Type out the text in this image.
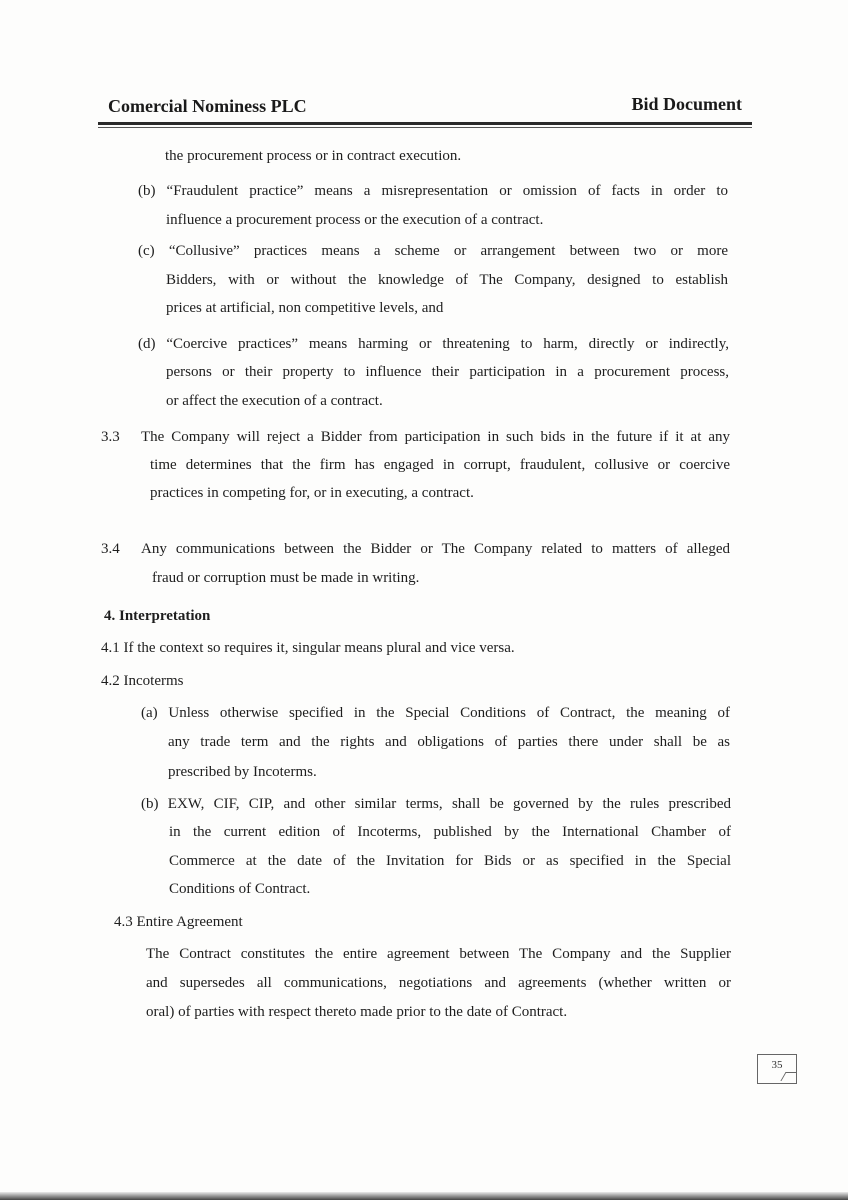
Comercial Nominess PLC	Bid Document
the procurement process or in contract execution.
(b) “Fraudulent practice” means a misrepresentation or omission of facts in order to
influence a procurement process or the execution of a contract.
(c) “Collusive” practices means a scheme or arrangement between two or more
Bidders, with or without the knowledge of The Company, designed to establish
prices at artificial, non competitive levels, and
(d) “Coercive practices” means harming or threatening to harm, directly or indirectly,
persons or their property to influence their participation in a procurement process,
or affect the execution of a contract.
3.3 The Company will reject a Bidder from participation in such bids in the future if it at any
time determines that the firm has engaged in corrupt, fraudulent, collusive or coercive
practices in competing for, or in executing, a contract.
3.4 Any communications between the Bidder or The Company related to matters of alleged
fraud or corruption must be made in writing.
4. Interpretation
4.1 If the context so requires it, singular means plural and vice versa.
4.2 Incoterms
(a) Unless otherwise specified in the Special Conditions of Contract, the meaning of
any trade term and the rights and obligations of parties there under shall be as
prescribed by Incoterms.
(b) EXW, CIF, CIP, and other similar terms, shall be governed by the rules prescribed
in the current edition of Incoterms, published by the International Chamber of
Commerce at the date of the Invitation for Bids or as specified in the Special
Conditions of Contract.
4.3 Entire Agreement
The Contract constitutes the entire agreement between The Company and the Supplier
and supersedes all communications, negotiations and agreements (whether written or
oral) of parties with respect thereto made prior to the date of Contract.
35
